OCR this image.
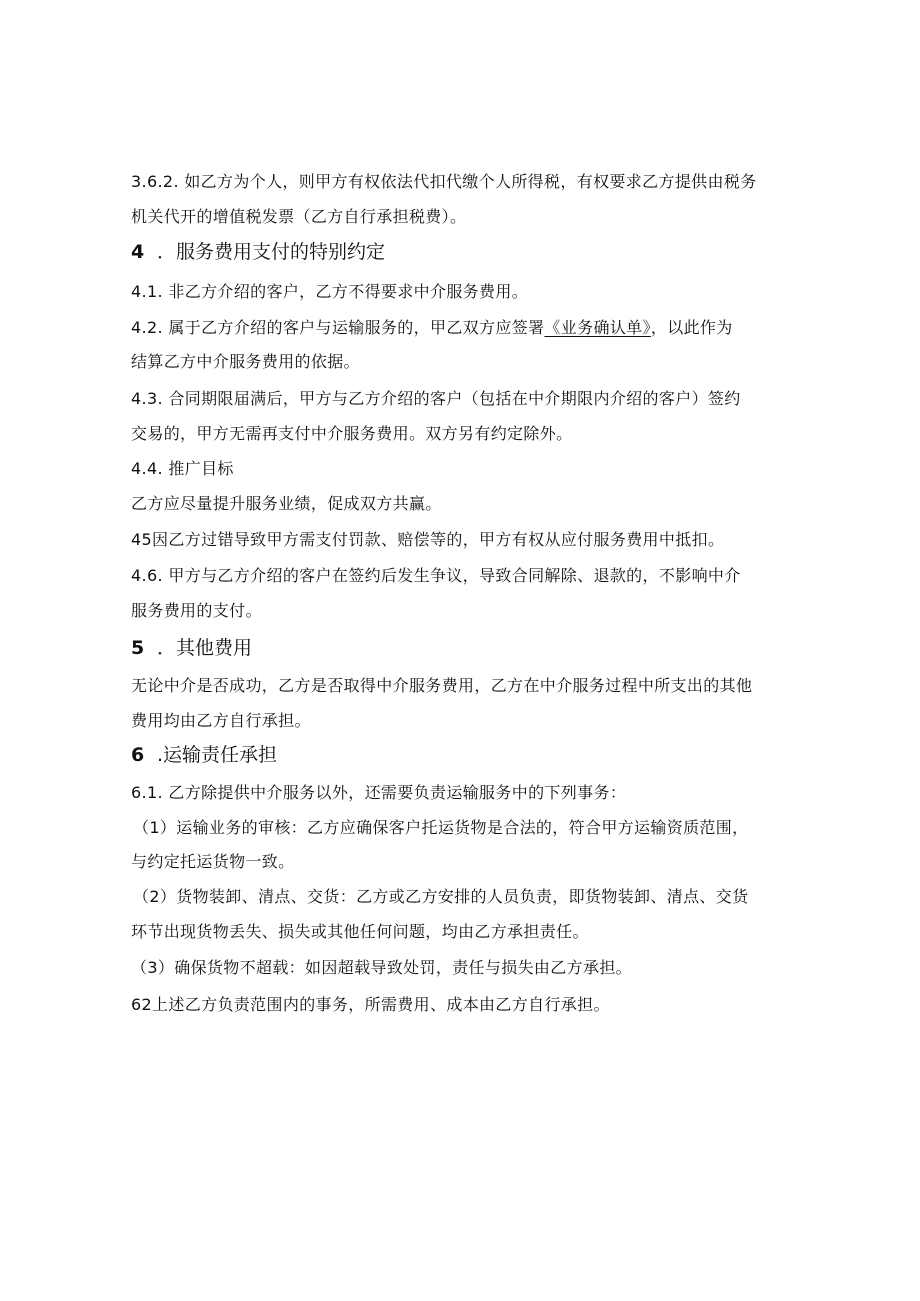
3.6.2. 如乙方为个人，则甲方有权依法代扣代缴个人所得税，有权要求乙方提供由税务
机关代开的增值税发票（乙方自行承担税费）。
4 ．服务费用支付的特别约定
4.1. 非乙方介绍的客户，乙方不得要求中介服务费用。
4.2. 属于乙方介绍的客户与运输服务的，甲乙双方应签署《业务确认单》，以此作为
结算乙方中介服务费用的依据。
4.3. 合同期限届满后，甲方与乙方介绍的客户（包括在中介期限内介绍的客户）签约
交易的，甲方无需再支付中介服务费用。双方另有约定除外。
4.4. 推广目标
乙方应尽量提升服务业绩，促成双方共赢。
45因乙方过错导致甲方需支付罚款、赔偿等的，甲方有权从应付服务费用中抵扣。
4.6. 甲方与乙方介绍的客户在签约后发生争议，导致合同解除、退款的，不影响中介
服务费用的支付。
5 ．其他费用
无论中介是否成功，乙方是否取得中介服务费用，乙方在中介服务过程中所支出的其他
费用均由乙方自行承担。
6 .运输责任承担
6.1. 乙方除提供中介服务以外，还需要负责运输服务中的下列事务：
（1）运输业务的审核：乙方应确保客户托运货物是合法的，符合甲方运输资质范围，
与约定托运货物一致。
（2）货物装卸、清点、交货：乙方或乙方安排的人员负责，即货物装卸、清点、交货
环节出现货物丢失、损失或其他任何问题，均由乙方承担责任。
（3）确保货物不超载：如因超载导致处罚，责任与损失由乙方承担。
62上述乙方负责范围内的事务，所需费用、成本由乙方自行承担。
